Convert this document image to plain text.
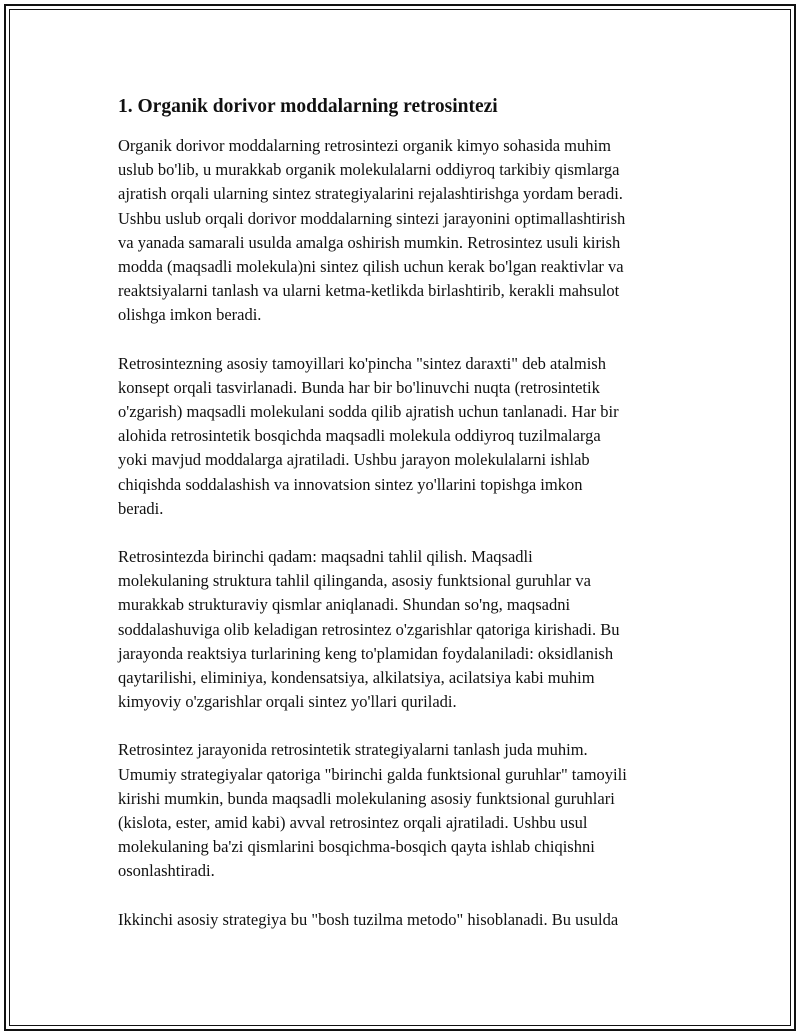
1. Organik dorivor moddalarning retrosintezi

Organik dorivor moddalarning retrosintezi organik kimyo sohasida muhim
uslub bo'lib, u murakkab organik molekulalarni oddiyroq tarkibiy qismlarga
ajratish orqali ularning sintez strategiyalarini rejalashtirishga yordam beradi.
Ushbu uslub orqali dorivor moddalarning sintezi jarayonini optimallashtirish
va yanada samarali usulda amalga oshirish mumkin. Retrosintez usuli kirish
modda (maqsadli molekula)ni sintez qilish uchun kerak bo'lgan reaktivlar va
reaktsiyalarni tanlash va ularni ketma-ketlikda birlashtirib, kerakli mahsulot
olishga imkon beradi.

Retrosintezning asosiy tamoyillari ko'pincha "sintez daraxti" deb atalmish
konsept orqali tasvirlanadi. Bunda har bir bo'linuvchi nuqta (retrosintetik
o'zgarish) maqsadli molekulani sodda qilib ajratish uchun tanlanadi. Har bir
alohida retrosintetik bosqichda maqsadli molekula oddiyroq tuzilmalarga
yoki mavjud moddalarga ajratiladi. Ushbu jarayon molekulalarni ishlab
chiqishda soddalashish va innovatsion sintez yo'llarini topishga imkon
beradi.

Retrosintezda birinchi qadam: maqsadni tahlil qilish. Maqsadli
molekulaning struktura tahlil qilinganda, asosiy funktsional guruhlar va
murakkab strukturaviy qismlar aniqlanadi. Shundan so'ng, maqsadni
soddalashuviga olib keladigan retrosintez o'zgarishlar qatoriga kirishadi. Bu
jarayonda reaktsiya turlarining keng to'plamidan foydalaniladi: oksidlanish
qaytarilishi, eliminiya, kondensatsiya, alkilatsiya, acilatsiya kabi muhim
kimyoviy o'zgarishlar orqali sintez yo'llari quriladi.

Retrosintez jarayonida retrosintetik strategiyalarni tanlash juda muhim.
Umumiy strategiyalar qatoriga "birinchi galda funktsional guruhlar" tamoyili
kirishi mumkin, bunda maqsadli molekulaning asosiy funktsional guruhlari
(kislota, ester, amid kabi) avval retrosintez orqali ajratiladi. Ushbu usul
molekulaning ba'zi qismlarini bosqichma-bosqich qayta ishlab chiqishni
osonlashtiradi.

Ikkinchi asosiy strategiya bu "bosh tuzilma metodo" hisoblanadi. Bu usulda
